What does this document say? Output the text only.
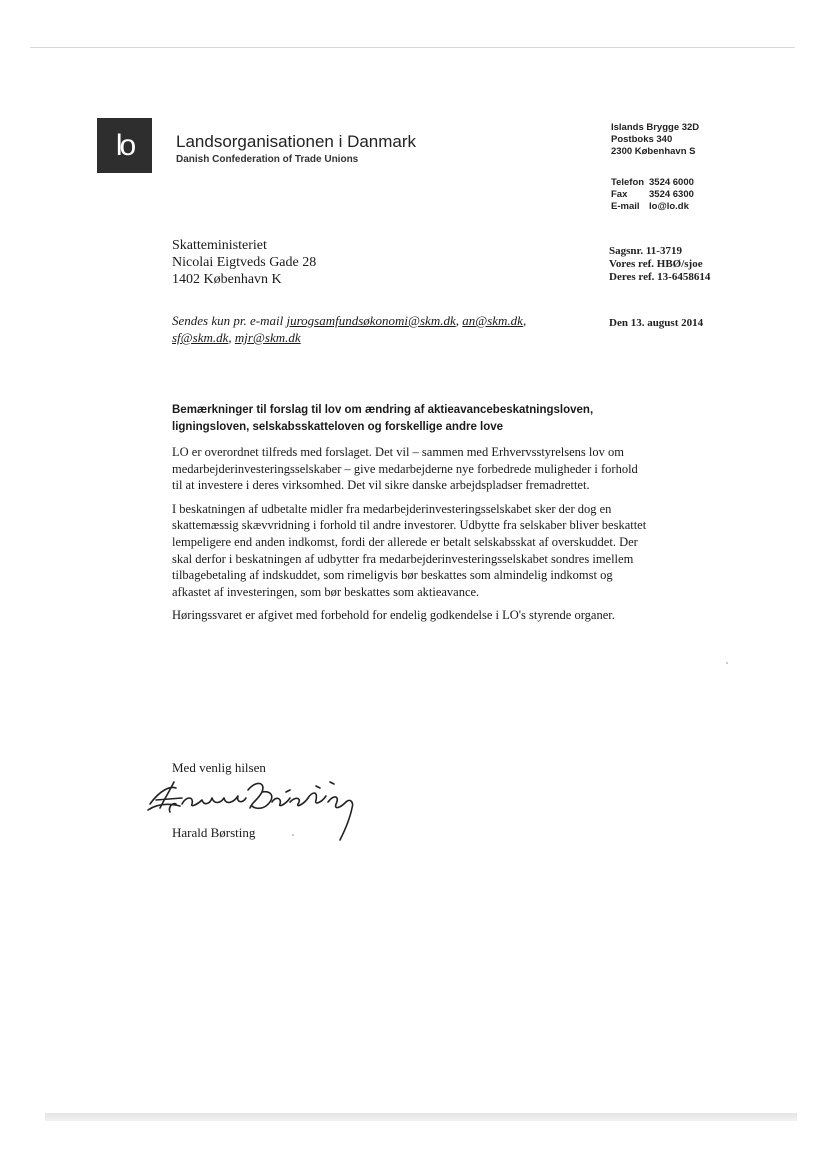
lo	Landsorganisationen i Danmark
Danish Confederation of Trade Unions
Islands Brygge 32D
Postboks 340
2300 København S
Telefon 3524 6000
Fax	3524 6300
E-mail lo@lo.dk
Skatteministeriet
Nicolai Eigtveds Gade 28
1402 København K
Sagsnr. 11-3719
Vores ref. HBØ/sjoe
Deres ref. 13-6458614
Sendes kun pr. e-mail jurogsamfundsøkonomi@skm.dk, an@skm.dk,
sf@skm.dk, mjr@skm.dk
Den 13. august 2014
Bemærkninger til forslag til lov om ændring af aktieavancebeskatningsloven, ligningsloven, selskabsskatteloven og forskellige andre love

LO er overordnet tilfreds med forslaget. Det vil – sammen med Erhvervsstyrelsens lov om medarbejderinvesteringsselskaber – give medarbejderne nye forbedrede muligheder i forhold til at investere i deres virksomhed. Det vil sikre danske arbejdspladser fremadrettet.

I beskatningen af udbetalte midler fra medarbejderinvesteringsselskabet sker der dog en skattemæssig skævvridning i forhold til andre investorer. Udbytte fra selskaber bliver beskattet lempeligere end anden indkomst, fordi der allerede er betalt selskabsskat af overskuddet. Der skal derfor i beskatningen af udbytter fra medarbejderinvesteringsselskabet sondres imellem tilbagebetaling af indskuddet, som rimeligvis bør beskattes som almindelig indkomst og afkastet af investeringen, som bør beskattes som aktieavance.

Høringssvaret er afgivet med forbehold for endelig godkendelse i LO's styrende organer.

Med venlig hilsen
Harald Børsting
Harald Børsting
